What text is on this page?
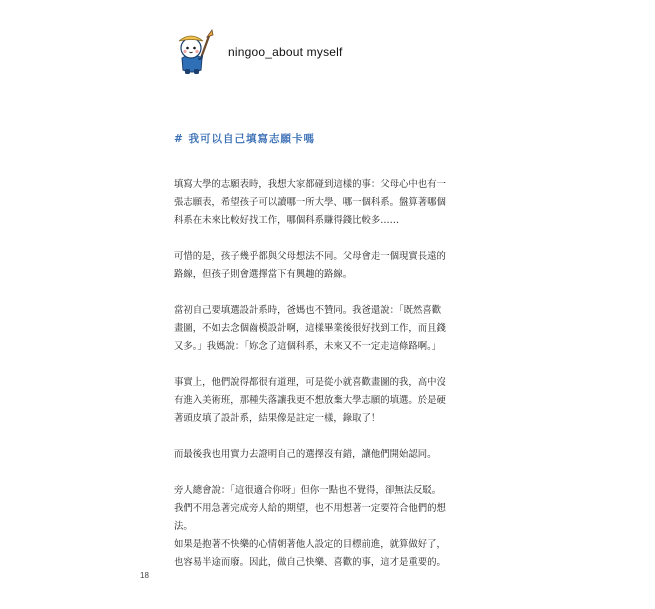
ningoo_about myself
# 我可以自己填寫志願卡嗎

填寫大學的志願表時，我想大家都碰到這樣的事：父母心中也有一
張志願表，希望孩子可以讀哪一所大學、哪一個科系。盤算著哪個
科系在未來比較好找工作，哪個科系賺得錢比較多……

可惜的是，孩子幾乎都與父母想法不同。父母會走一個現實長遠的
路線，但孩子則會選擇當下有興趣的路線。

當初自己要填選設計系時，爸媽也不贊同。我爸還說：「既然喜歡
畫圖，不如去念個齒模設計啊，這樣畢業後很好找到工作，而且錢
又多。」我媽說：「妳念了這個科系，未來又不一定走這條路啊。」

事實上，他們說得都很有道理，可是從小就喜歡畫圖的我，高中沒
有進入美術班，那種失落讓我更不想放棄大學志願的填選。於是硬
著頭皮填了設計系，結果像是註定一樣，錄取了！

而最後我也用實力去證明自己的選擇沒有錯，讓他們開始認同。

旁人總會說：「這很適合你呀」但你一點也不覺得，卻無法反駁。
我們不用急著完成旁人給的期望，也不用想著一定要符合他們的想
法。

如果是抱著不快樂的心情朝著他人設定的目標前進，就算做好了，
也容易半途而廢。因此，做自己快樂、喜歡的事，這才是重要的。

18
